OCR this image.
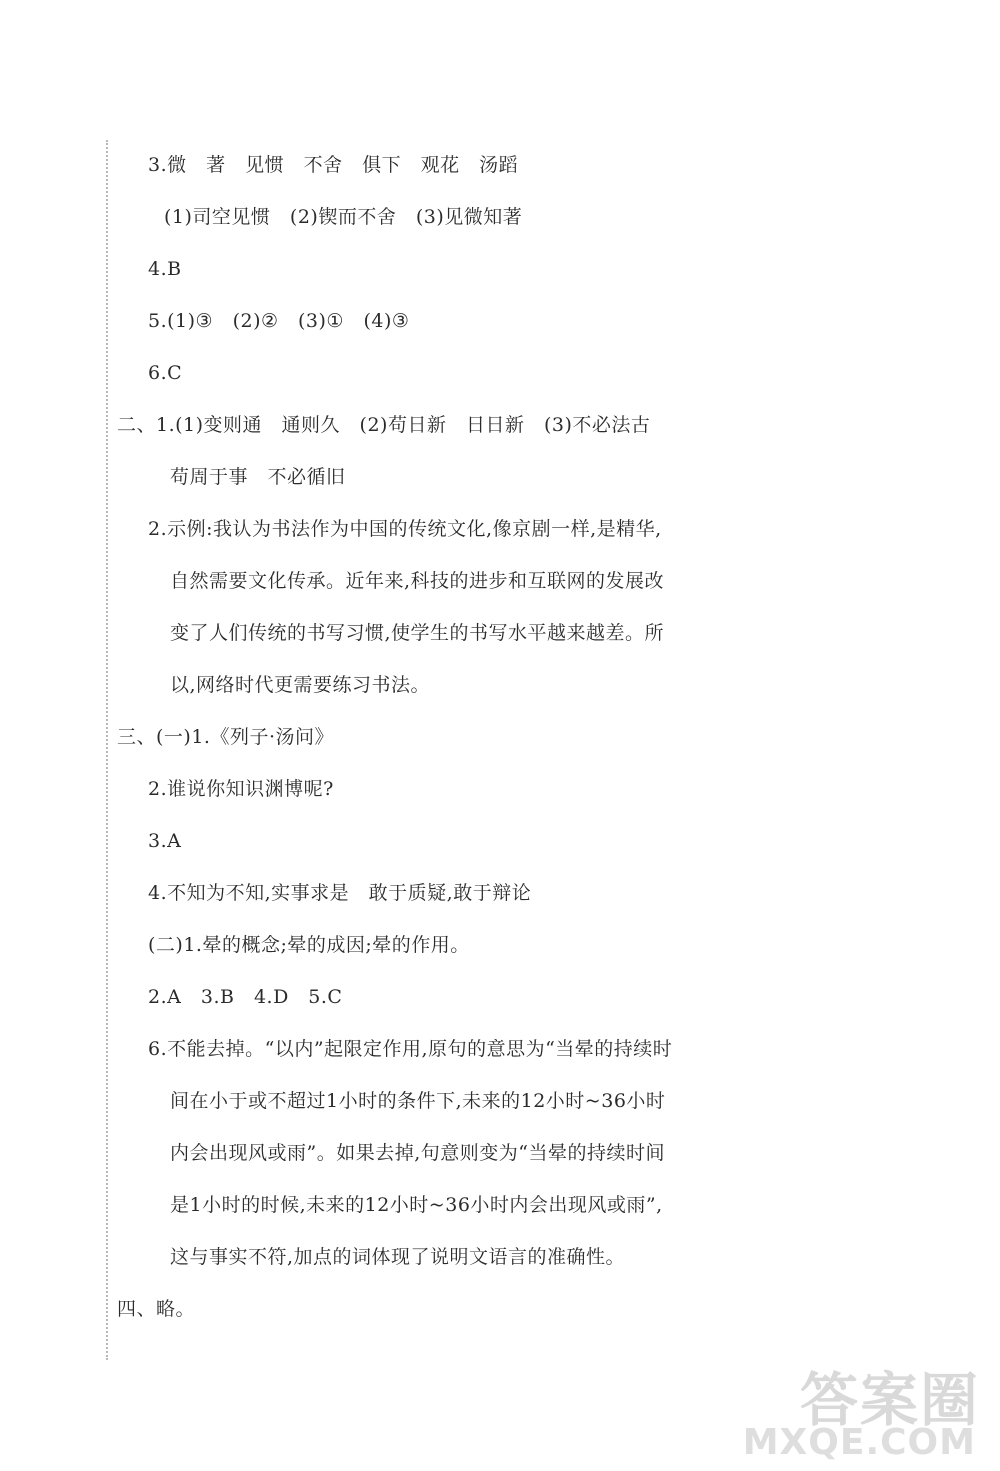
3.微　著　见惯　不舍　俱下　观花　汤蹈
(1)司空见惯　(2)锲而不舍　(3)见微知著
4.B
5.(1)③　(2)②　(3)①　(4)③
6.C
二、1.(1)变则通　通则久　(2)苟日新　日日新　(3)不必法古
苟周于事　不必循旧
2.示例:我认为书法作为中国的传统文化,像京剧一样,是精华,
自然需要文化传承。近年来,科技的进步和互联网的发展改
变了人们传统的书写习惯,使学生的书写水平越来越差。所
以,网络时代更需要练习书法。
三、(一)1.《列子·汤问》
2.谁说你知识渊博呢?
3.A
4.不知为不知,实事求是　敢于质疑,敢于辩论
(二)1.晕的概念;晕的成因;晕的作用。
2.A　3.B　4.D　5.C
6.不能去掉。“以内”起限定作用,原句的意思为“当晕的持续时
间在小于或不超过1小时的条件下,未来的12小时~36小时
内会出现风或雨”。如果去掉,句意则变为“当晕的持续时间
是1小时的时候,未来的12小时~36小时内会出现风或雨”,
这与事实不符,加点的词体现了说明文语言的准确性。
四、略。
答案圈
MXQE.COM
